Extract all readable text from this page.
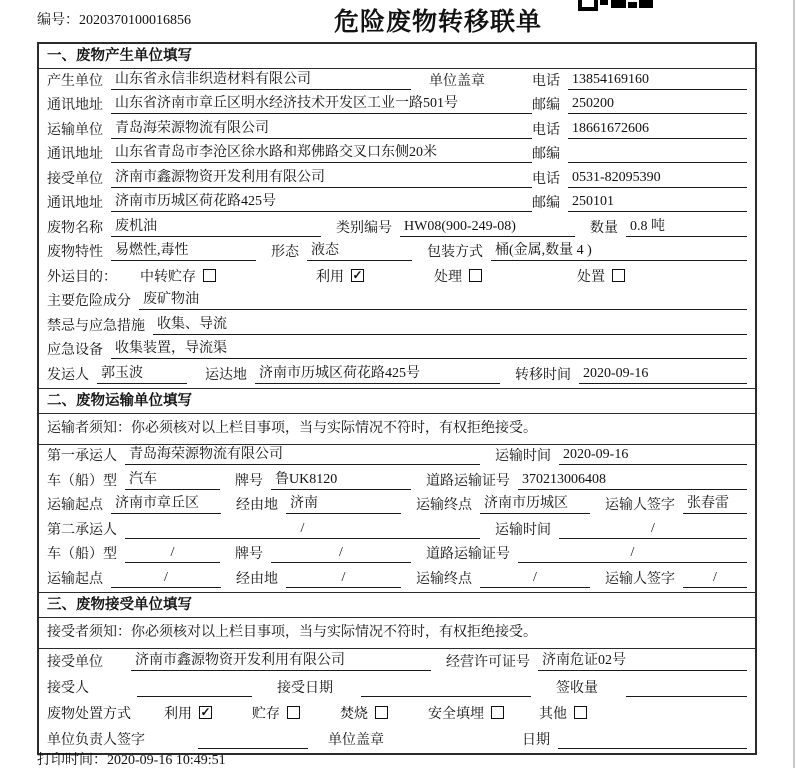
编号：2020370100016856	危险废物转移联单
一、废物产生单位填写
产生单位 山东省永信非织造材料有限公司	单位盖章	电话 13854169160
通讯地址 山东省济南市章丘区明水经济技术开发区工业一路501号	邮编 250200
运输单位 青岛海荣源物流有限公司	电话 18661672606
通讯地址 山东省青岛市李沧区徐水路和郑佛路交叉口东侧20米	邮编
接受单位 济南市鑫源物资开发利用有限公司	电话 0531-82095390
通讯地址 济南市历城区荷花路425号	邮编 250101
废物名称 废机油	类别编号 HW08(900-249-08)	数量 0.8 吨
废物特性 易燃性,毒性	形态 液态	包装方式 桶(金属,数量 4 )
外运目的： 中转贮存	利用 ✓	处理	处置
主要危险成分 废矿物油
禁忌与应急措施 收集、导流
应急设备 收集装置，导流渠
发运人 郭玉波	运达地 济南市历城区荷花路425号	转移时间 2020-09-16
二、废物运输单位填写
运输者须知：你必须核对以上栏目事项，当与实际情况不符时，有权拒绝接受。
第一承运人 青岛海荣源物流有限公司	运输时间 2020-09-16
车（船）型 汽车	牌号 鲁UK8120	道路运输证号 370213006408
运输起点 济南市章丘区	经由地 济南	运输终点 济南市历城区	运输人签字 张春雷
第二承运人	/	运输时间	/
车（船）型	/	牌号	/	道路运输证号	/
运输起点	/	经由地	/	运输终点	/	运输人签字	/
三、废物接受单位填写
接受者须知：你必须核对以上栏目事项，当与实际情况不符时，有权拒绝接受。
接受单位 济南市鑫源物资开发利用有限公司	经营许可证号 济南危证02号
接受人	接受日期	签收量
废物处置方式 利用 ✓	贮存	焚烧	安全填埋	其他
单位负责人签字	单位盖章	日期
打印时间：2020-09-16 10:49:51
